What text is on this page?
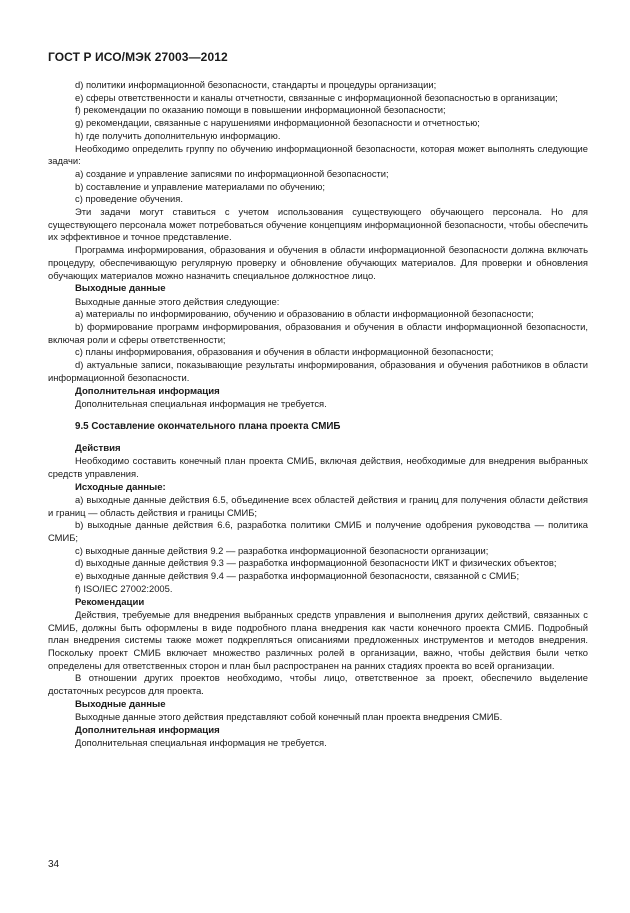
ГОСТ Р ИСО/МЭК 27003—2012

d) политики информационной безопасности, стандарты и процедуры организации;

e) сферы ответственности и каналы отчетности, связанные с информационной безопасностью в организации;

f) рекомендации по оказанию помощи в повышении информационной безопасности;

g) рекомендации, связанные с нарушениями информационной безопасности и отчетностью;

h) где получить дополнительную информацию.

Необходимо определить группу по обучению информационной безопасности, которая может выполнять следующие задачи:

a) создание и управление записями по информационной безопасности;

b) составление и управление материалами по обучению;

c) проведение обучения.

Эти задачи могут ставиться с учетом использования существующего обучающего персонала. Но для существующего персонала может потребоваться обучение концепциям информационной безопасности, чтобы обеспечить их эффективное и точное представление.

Программа информирования, образования и обучения в области информационной безопасности должна включать процедуру, обеспечивающую регулярную проверку и обновление обучающих материалов. Для проверки и обновления обучающих материалов можно назначить специальное должностное лицо.

Выходные данные

Выходные данные этого действия следующие:

a) материалы по информированию, обучению и образованию в области информационной безопасности;

b) формирование программ информирования, образования и обучения в области информационной безопасности, включая роли и сферы ответственности;

c) планы информирования, образования и обучения в области информационной безопасности;

d) актуальные записи, показывающие результаты информирования, образования и обучения работников в области информационной безопасности.

Дополнительная информация

Дополнительная специальная информация не требуется.

9.5 Составление окончательного плана проекта СМИБ

Действия

Необходимо составить конечный план проекта СМИБ, включая действия, необходимые для внедрения выбранных средств управления.

Исходные данные:

a) выходные данные действия 6.5, объединение всех областей действия и границ для получения области действия и границ — область действия и границы СМИБ;

b) выходные данные действия 6.6, разработка политики СМИБ и получение одобрения руководства — политика СМИБ;

c) выходные данные действия 9.2 — разработка информационной безопасности организации;

d) выходные данные действия 9.3 — разработка информационной безопасности ИКТ и физических объектов;

e) выходные данные действия 9.4 — разработка информационной безопасности, связанной с СМИБ;

f) ISO/IEC 27002:2005.

Рекомендации

Действия, требуемые для внедрения выбранных средств управления и выполнения других действий, связанных с СМИБ, должны быть оформлены в виде подробного плана внедрения как части конечного проекта СМИБ. Подробный план внедрения системы также может подкрепляться описаниями предложенных инструментов и методов внедрения. Поскольку проект СМИБ включает множество различных ролей в организации, важно, чтобы действия были четко определены для ответственных сторон и план был распространен на ранних стадиях проекта во всей организации.

В отношении других проектов необходимо, чтобы лицо, ответственное за проект, обеспечило выделение достаточных ресурсов для проекта.

Выходные данные

Выходные данные этого действия представляют собой конечный план проекта внедрения СМИБ.

Дополнительная информация

Дополнительная специальная информация не требуется.

34
